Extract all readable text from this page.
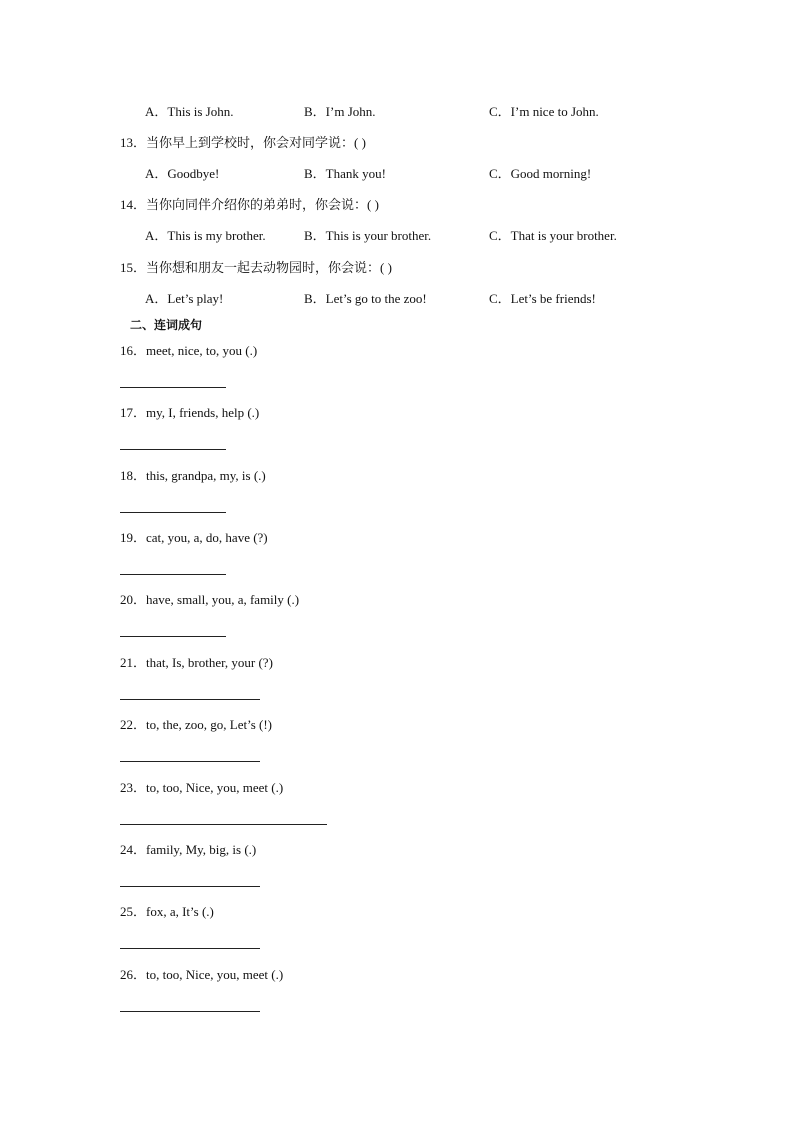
A．This is John.	B．I’m John.	C．I’m nice to John.
13．当你早上到学校时，你会对同学说：( )
A．Goodbye!	B．Thank you!	C．Good morning!
14．当你向同伴介绍你的弟弟时，你会说：( )
A．This is my brother.	B．This is your brother.	C．That is your brother.
15．当你想和朋友一起去动物园时，你会说：( )
A．Let’s play!	B．Let’s go to the zoo!	C．Let’s be friends!
二、连词成句
16．meet, nice, to, you (.)
17．my, I, friends, help (.)
18．this, grandpa, my, is (.)
19．cat, you, a, do, have (?)
20．have, small, you, a, family (.)
21．that, Is, brother, your (?)
22．to, the, zoo, go, Let’s (!)
23．to, too, Nice, you, meet (.)
24．family, My, big, is (.)
25．fox, a, It’s (.)
26．to, too, Nice, you, meet (.)
